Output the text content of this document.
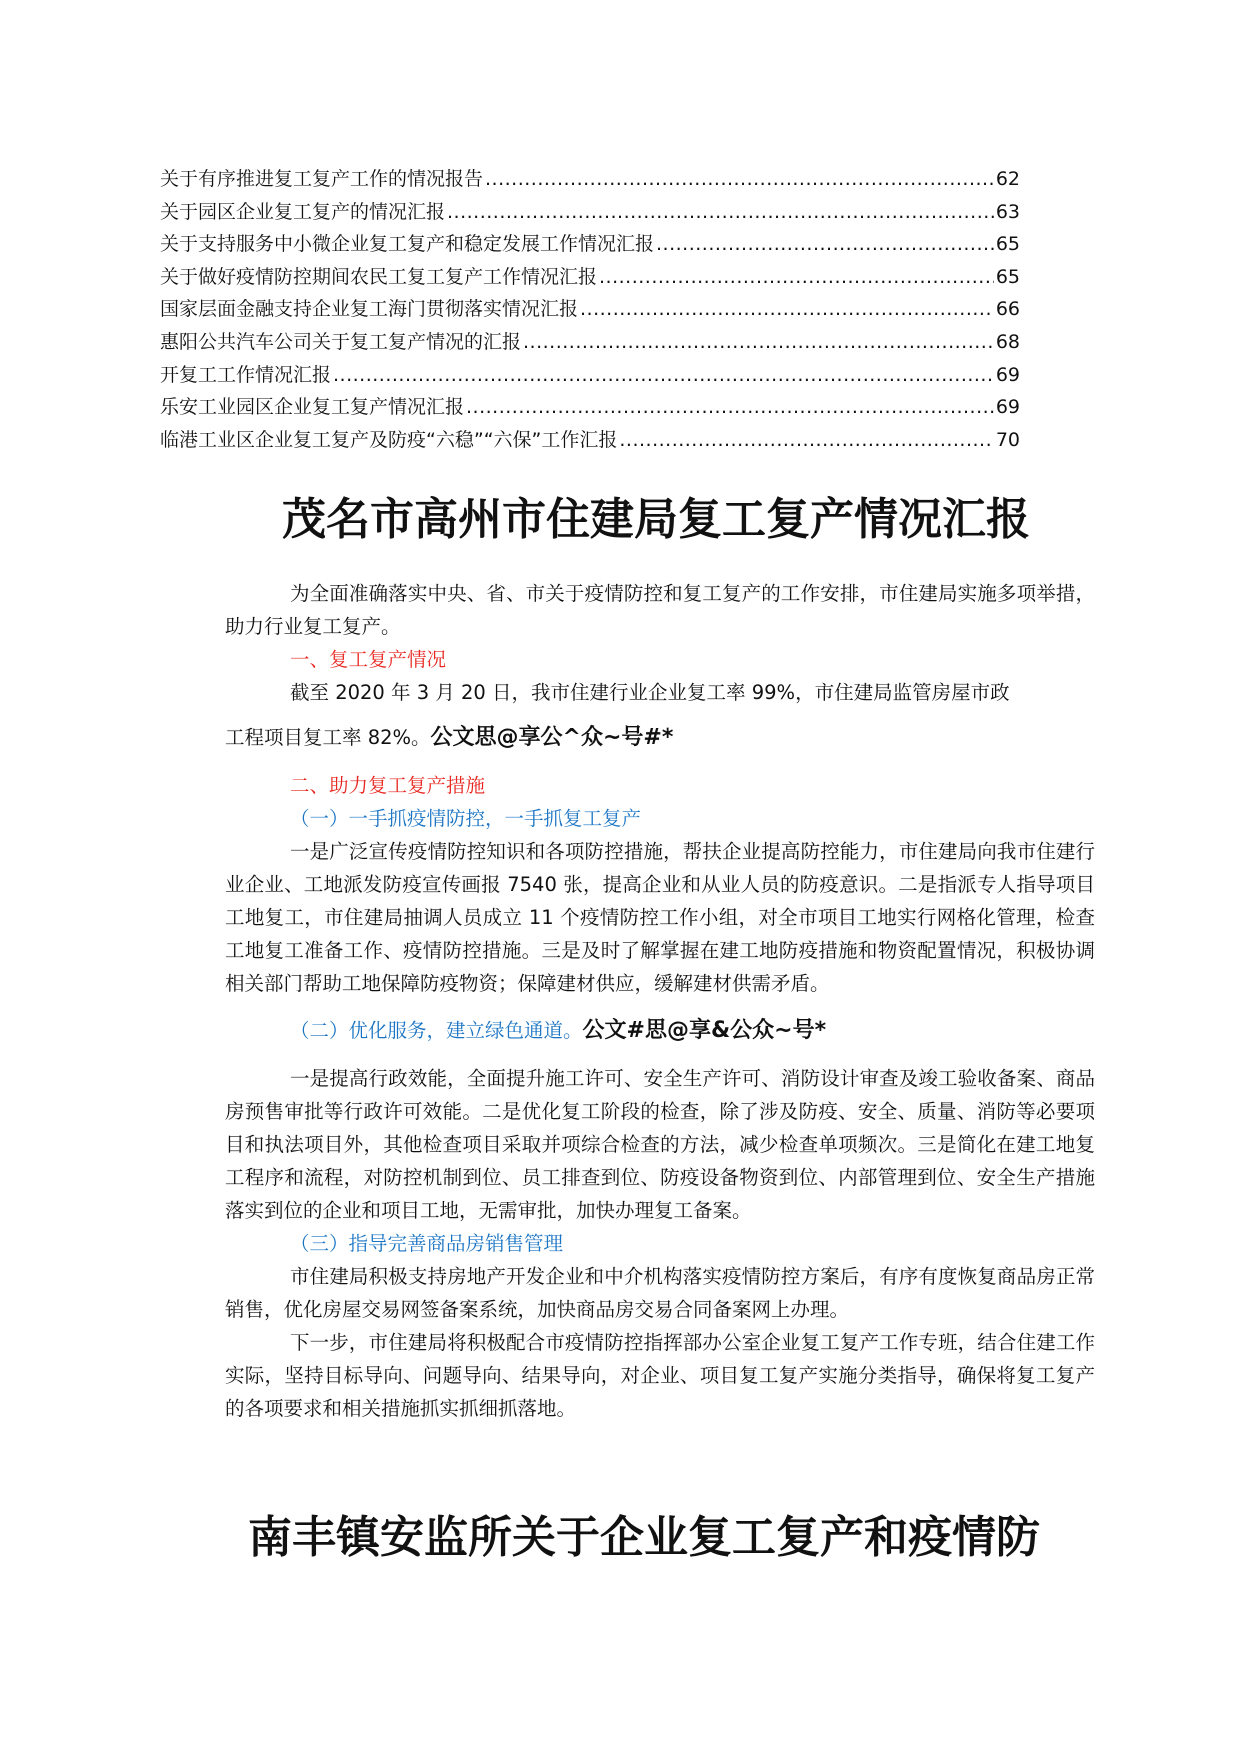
关于有序推进复工复产工作的情况报告 .....	62
关于园区企业复工复产的情况汇报 .....	63
关于支持服务中小微企业复工复产和稳定发展工作情况汇报 .....	65
关于做好疫情防控期间农民工复工复产工作情况汇报 .....	65
国家层面金融支持企业复工海门贯彻落实情况汇报 .....	66
惠阳公共汽车公司关于复工复产情况的汇报 .....	68
开复工工作情况汇报 .....	69
乐安工业园区企业复工复产情况汇报 .....	69
临港工业区企业复工复产及防疫“六稳”“六保”工作汇报 .....	70
茂名市高州市住建局复工复产情况汇报

为全面准确落实中央、省、市关于疫情防控和复工复产的工作安排，市住建局实施多项举措，助力行业复工复产。

一、复工复产情况

截至 2020 年 3 月 20 日，我市住建行业企业复工率 99%，市住建局监管房屋市政

工程项目复工率 82%。公文思@享公^众~号#*

二、助力复工复产措施

（一）一手抓疫情防控，一手抓复工复产

一是广泛宣传疫情防控知识和各项防控措施，帮扶企业提高防控能力，市住建局向我市住建行业企业、工地派发防疫宣传画报 7540 张，提高企业和从业人员的防疫意识。二是指派专人指导项目工地复工，市住建局抽调人员成立 11 个疫情防控工作小组，对全市项目工地实行网格化管理，检查工地复工准备工作、疫情防控措施。三是及时了解掌握在建工地防疫措施和物资配置情况，积极协调相关部门帮助工地保障防疫物资；保障建材供应，缓解建材供需矛盾。

（二）优化服务，建立绿色通道。公文#思@享&公众~号*

一是提高行政效能，全面提升施工许可、安全生产许可、消防设计审查及竣工验收备案、商品房预售审批等行政许可效能。二是优化复工阶段的检查，除了涉及防疫、安全、质量、消防等必要项目和执法项目外，其他检查项目采取并项综合检查的方法，减少检查单项频次。三是简化在建工地复工程序和流程，对防控机制到位、员工排查到位、防疫设备物资到位、内部管理到位、安全生产措施落实到位的企业和项目工地，无需审批，加快办理复工备案。

（三）指导完善商品房销售管理

市住建局积极支持房地产开发企业和中介机构落实疫情防控方案后，有序有度恢复商品房正常销售，优化房屋交易网签备案系统，加快商品房交易合同备案网上办理。

下一步，市住建局将积极配合市疫情防控指挥部办公室企业复工复产工作专班，结合住建工作实际，坚持目标导向、问题导向、结果导向，对企业、项目复工复产实施分类指导，确保将复工复产的各项要求和相关措施抓实抓细抓落地。

南丰镇安监所关于企业复工复产和疫情防
